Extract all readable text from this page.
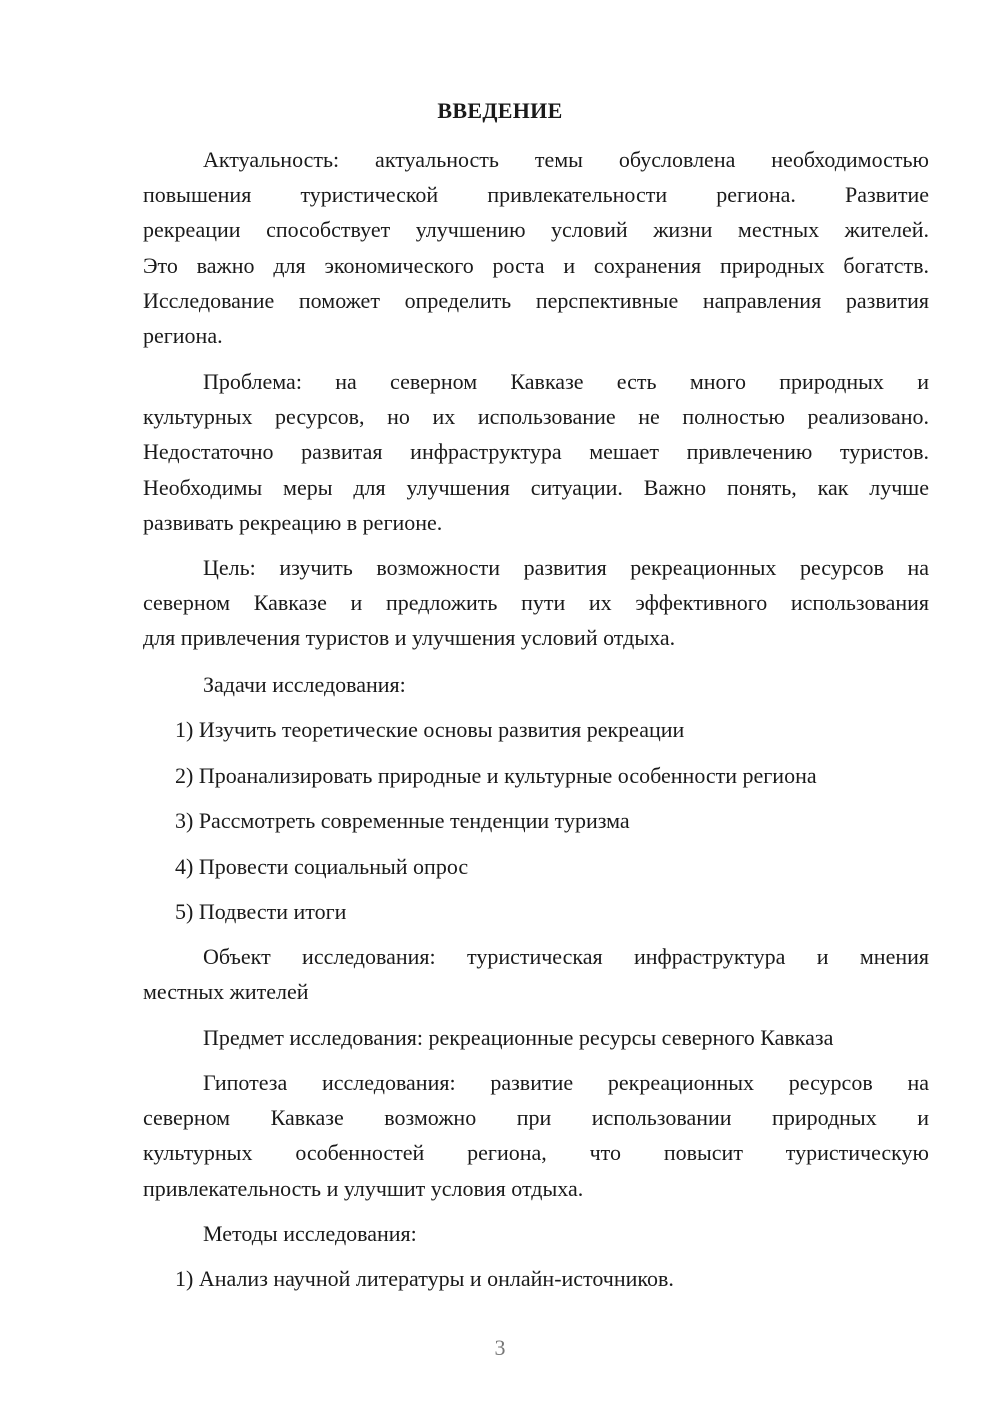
ВВЕДЕНИЕ
Актуальность: актуальность темы обусловлена необходимостью
повышения туристической привлекательности региона. Развитие
рекреации способствует улучшению условий жизни местных жителей.
Это важно для экономического роста и сохранения природных богатств.
Исследование поможет определить перспективные направления развития
региона.
Проблема: на северном Кавказе есть много природных и
культурных ресурсов, но их использование не полностью реализовано.
Недостаточно развитая инфраструктура мешает привлечению туристов.
Необходимы меры для улучшения ситуации. Важно понять, как лучше
развивать рекреацию в регионе.
Цель: изучить возможности развития рекреационных ресурсов на
северном Кавказе и предложить пути их эффективного использования
для привлечения туристов и улучшения условий отдыха.
Задачи исследования:
1) Изучить теоретические основы развития рекреации
2) Проанализировать природные и культурные особенности региона
3) Рассмотреть современные тенденции туризма
4) Провести социальный опрос
5) Подвести итоги
Объект исследования: туристическая инфраструктура и мнения
местных жителей
Предмет исследования: рекреационные ресурсы северного Кавказа
Гипотеза исследования: развитие рекреационных ресурсов на
северном Кавказе возможно при использовании природных и
культурных особенностей региона, что повысит туристическую
привлекательность и улучшит условия отдыха.
Методы исследования:
1) Анализ научной литературы и онлайн-источников.
3
